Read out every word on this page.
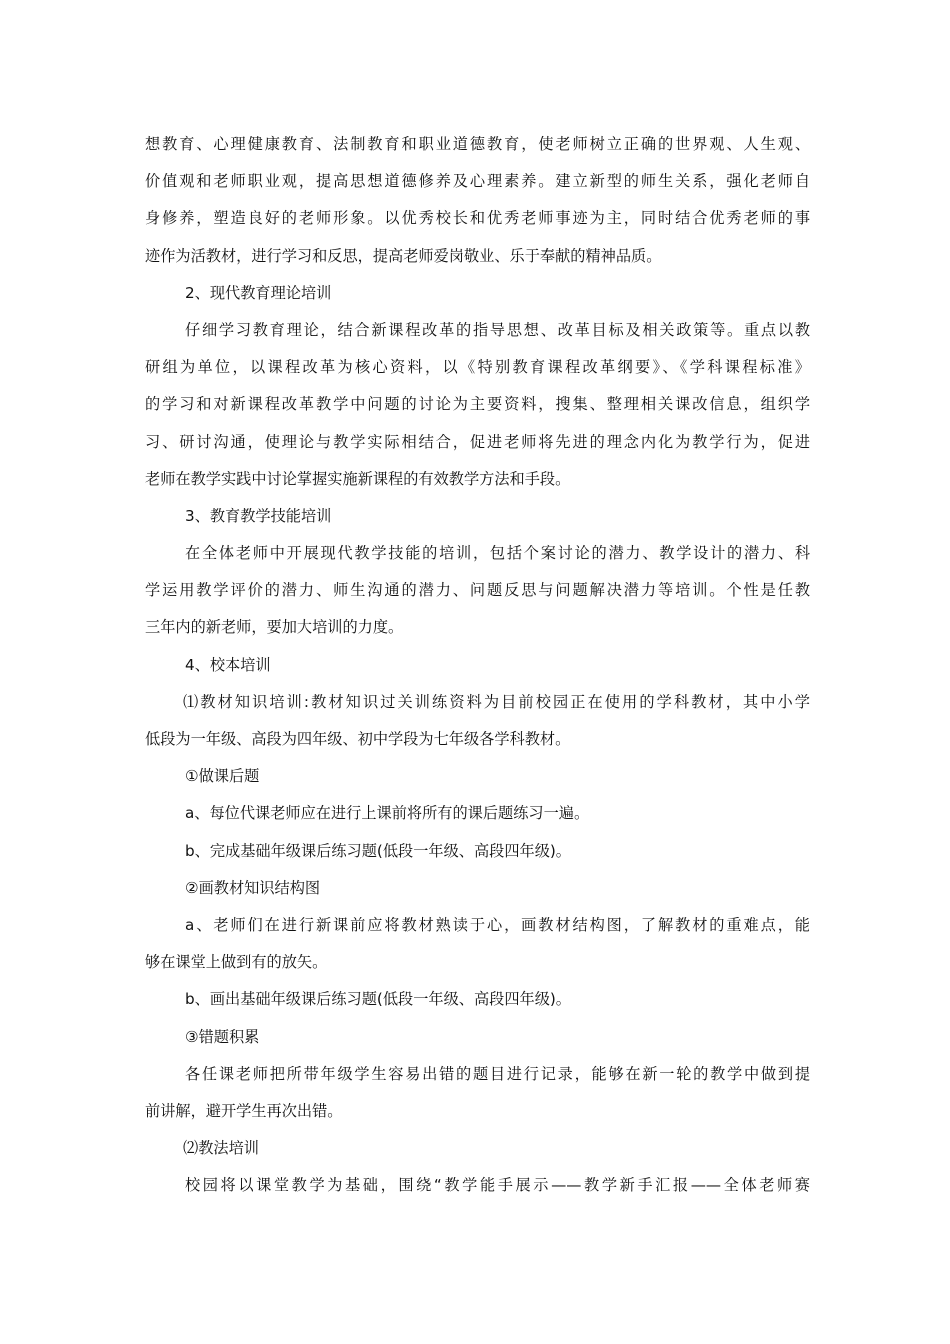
想教育、心理健康教育、法制教育和职业道德教育，使老师树立正确的世界观、人生观、
价值观和老师职业观，提高思想道德修养及心理素养。建立新型的师生关系，强化老师自
身修养，塑造良好的老师形象。以优秀校长和优秀老师事迹为主，同时结合优秀老师的事
迹作为活教材，进行学习和反思，提高老师爱岗敬业、乐于奉献的精神品质。
2、现代教育理论培训
仔细学习教育理论，结合新课程改革的指导思想、改革目标及相关政策等。重点以教
研组为单位，以课程改革为核心资料，以《特别教育课程改革纲要》、《学科课程标准》
的学习和对新课程改革教学中问题的讨论为主要资料，搜集、整理相关课改信息，组织学
习、研讨沟通，使理论与教学实际相结合，促进老师将先进的理念内化为教学行为，促进
老师在教学实践中讨论掌握实施新课程的有效教学方法和手段。
3、教育教学技能培训
在全体老师中开展现代教学技能的培训，包括个案讨论的潜力、教学设计的潜力、科
学运用教学评价的潜力、师生沟通的潜力、问题反思与问题解决潜力等培训。个性是任教
三年内的新老师，要加大培训的力度。
4、校本培训
⑴教材知识培训:教材知识过关训练资料为目前校园正在使用的学科教材，其中小学
低段为一年级、高段为四年级、初中学段为七年级各学科教材。
①做课后题
a、每位代课老师应在进行上课前将所有的课后题练习一遍。
b、完成基础年级课后练习题(低段一年级、高段四年级)。
②画教材知识结构图
a、老师们在进行新课前应将教材熟读于心，画教材结构图，了解教材的重难点，能
够在课堂上做到有的放矢。
b、画出基础年级课后练习题(低段一年级、高段四年级)。
③错题积累
各任课老师把所带年级学生容易出错的题目进行记录，能够在新一轮的教学中做到提
前讲解，避开学生再次出错。
⑵教法培训
校园将以课堂教学为基础，围绕“教学能手展示——教学新手汇报——全体老师赛
